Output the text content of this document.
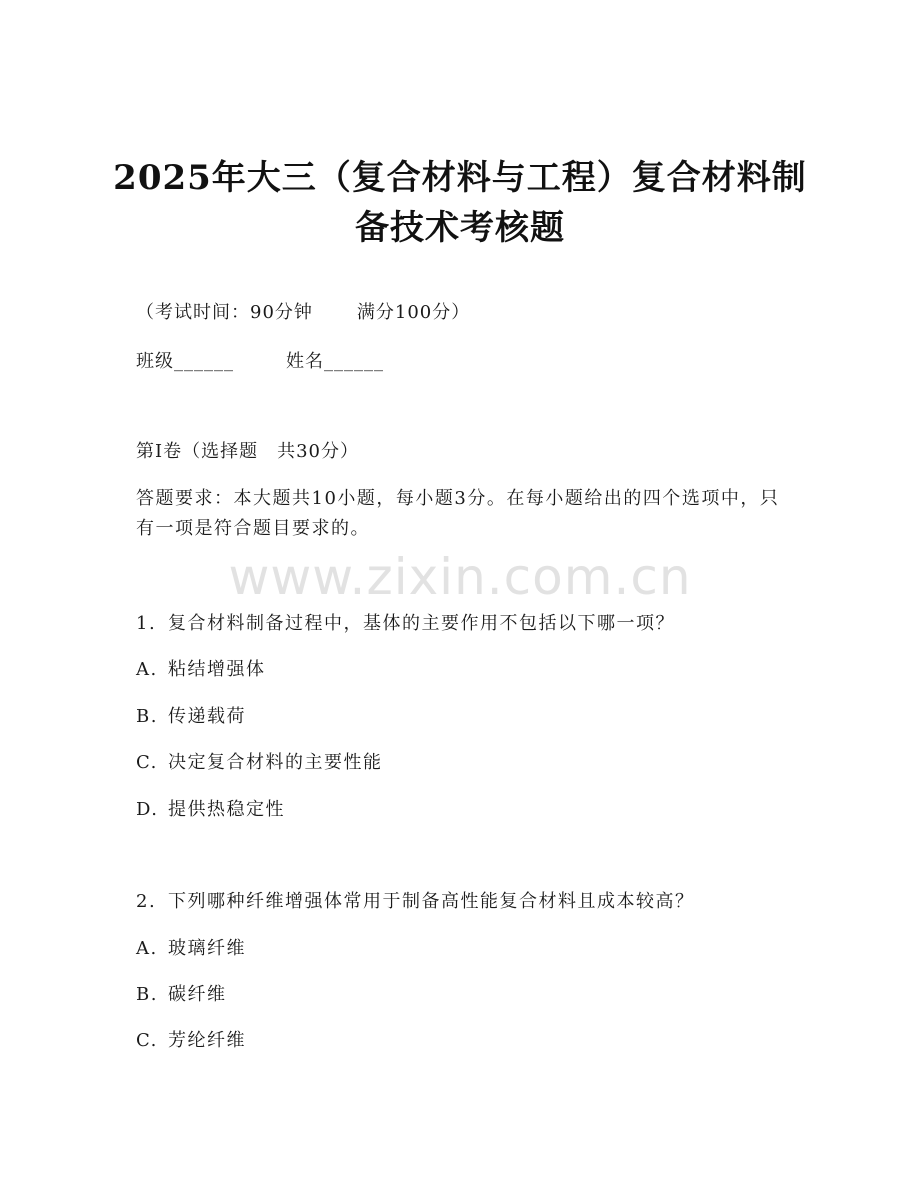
2025年大三（复合材料与工程）复合材料制
备技术考核题

（考试时间：90分钟 满分100分）

班级______	姓名______

第Ⅰ卷（选择题　共30分）

答题要求：本大题共10小题，每小题3分。在每小题给出的四个选项中，只有一项是符合题目要求的。

www.zixin.com.cn
1. 复合材料制备过程中，基体的主要作用不包括以下哪一项？
A. 粘结增强体
B. 传递载荷
C. 决定复合材料的主要性能
D. 提供热稳定性
2. 下列哪种纤维增强体常用于制备高性能复合材料且成本较高？
A. 玻璃纤维
B. 碳纤维
C. 芳纶纤维
